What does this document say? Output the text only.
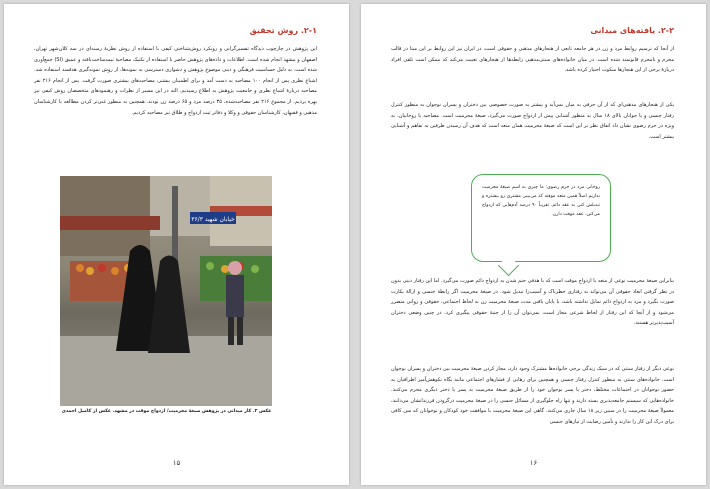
۲-۱. روش تحقیق

این پژوهش در چارچوب دیدگاه تفسیرگرایی و رویکرد روش‌شناختی کیفی با استفاده از روش نظریهٔ زمینه‌ای در سه کلان‌شهر تهران، اصفهان و مشهد انجام شده است. اطلاعات و داده‌های پژوهش حاضر با استفاده از تکنیک مصاحبهٔ نیمه‌ساخت‌یافته و عمیق (SI) جمع‌آوری شده است. به دلیل حساسیت فرهنگی و دینی موضوع پژوهش و دشواری دسترسی به نمونه‌ها، از روش نمونه‌گیری هدفمند استفاده شد. اشباع نظری پس از انجام ۱۰۰ مصاحبه به دست آمد و برای اطمینان بیشتر، مصاحبه‌های بیشتری صورت گرفت. پس از انجام ۲۱۶ نفر مصاحبه دربارهٔ اشباع نظری و جامعیت پژوهش به اطلاع رسیدیم. الته در این مسیر از نظرات و رهنمودهای متخصصان روش کیفی نیز بهره بردیم. از مجموع ۲۱۶ نفر مصاحبه‌شده، ۳۵ درصد مرد و ۶۵ درصد زن بودند. همچنین به منظور غنی‌تر کردن مطالعه با کارشناسان مذهبی و فقیهان، کارشناسان حقوقی و وکلا و دفاتر ثبت ازدواج و طلاق نیز مصاحبه کردیم.

خیابان شهید ۳۶/۳
عکس ۲. کار میدانی در پژوهش صیغهٔ محرمیت/ ازدواج موقت در مشهد. عکس از کامیل احمدی
۱۵
۲-۲. یافته‌های میدانی

از آنجا که ترسیم روابط مرد و زن در هر جامعه تابعی از هنجارهای مذهبی و حقوقی است، در ایران نیز این روابط بر این مبنا در قالب محرم و نامحرم قانونمند شده است. در میان خانواده‌های سنتی‌مذهبی رابطه‌ها از هنجارهای تعبیت می‌کند که ممکن است تلقی افراد دربارهٔ برخی از این هنجارها سکوت اختیار کرده باشد.

یکی از هنجارهای مذهبی‌ای که از آن حرفی به میان نمی‌آید و بیشتر به صورت خصوصی بین دختران و پسران نوجوان به منظور کنترل رفتار جنسی و یا جوانان بالای ۱۸ سال به منظور آشنایی پیش از ازدواج صورت می‌گیرد، صیغهٔ محرمیت است. مصاحبه با روحانیان، به ویژه در حرم رضوی نشان داد اتفاق نظر بر این است که صیغهٔ محرمیت همان متعه است که هدف آن رسیدن طرفین به تفاهم و آشنایی بیشتر است.

روحانی مرد در حرم رضوی: ما چیزی به اسم صیغهٔ محرمیت نداریم اصلاً همین متعه موقته که می‌بینی مشتری رو بیشتره و تبدیلش کنی به عقد دائم. تقریباً ۹۰ درصد آدم‌هایی که ازدواج می‌کنن، عقد موقت دارن.

بنابراین صیغهٔ محرمیت نوعی از متعه یا ازدواج موقت است که با هدفی حتم شدن به ازدواج دائم صورت می‌گیرد. اما این رفتار دینی بدون در نظر گرفتن ابعاد حقوقی آن می‌تواند به رفتاری خطرناک و آسیب‌زا تبدیل شود. در صیغهٔ محرمیت اگر رابطهٔ جنسی و ازالهٔ بکارت صورت بگیرد و مرد به ازدواج دائم تمایل نداشته باشد، با پایان یافتن مدت صیغهٔ محرمیت زن به لحاظ اجتماعی، حقوقی و روانی متضرر می‌شود و از آنجا که این رفتار از لحاظ شرعی مجاز است، نمی‌توان آن را از جنبهٔ حقوقی پیگیری کرد. در چنین وضعی دختران آسیب‌پذیرتر هستند.

نوعی دیگر از رفتار سنتی که در سبک زندگی برخی خانواده‌ها مشترک وجود دارد، مجاز کردن صیغهٔ محرمیت بین دختران و پسران نوجوان است. خانواده‌های سنتی به منظور کنترل رفتار جنسی و همچنین برای رهایی از فشارهای اجتماعی مانند نگاه نکوهش‌آمیز اطرافیان به حضور نوجوانان در اجتماعات مختلط، دختر یا پسر نوجوان خود را از طریق صیغهٔ محرمیت به پسر یا دختر دیگری محرم می‌کنند. خانواده‌هایی که سیستم جامعه‌پذیری بسته دارند و تنها راه جلوگیری از مسائل جنسی را در صیغهٔ محرمیت درگرودن فرزندانشان می‌دانند، معمولاً صیغهٔ محرمیت را در سنین زیر ۱۸ سال جاری می‌کنند. گاهی این صیغهٔ محرمیت با موافقت خود کودکان و نوجوانان که سن کافی برای درک این کار را ندارند و تأمین رضایت از نیازهای جنسی

۱۶
